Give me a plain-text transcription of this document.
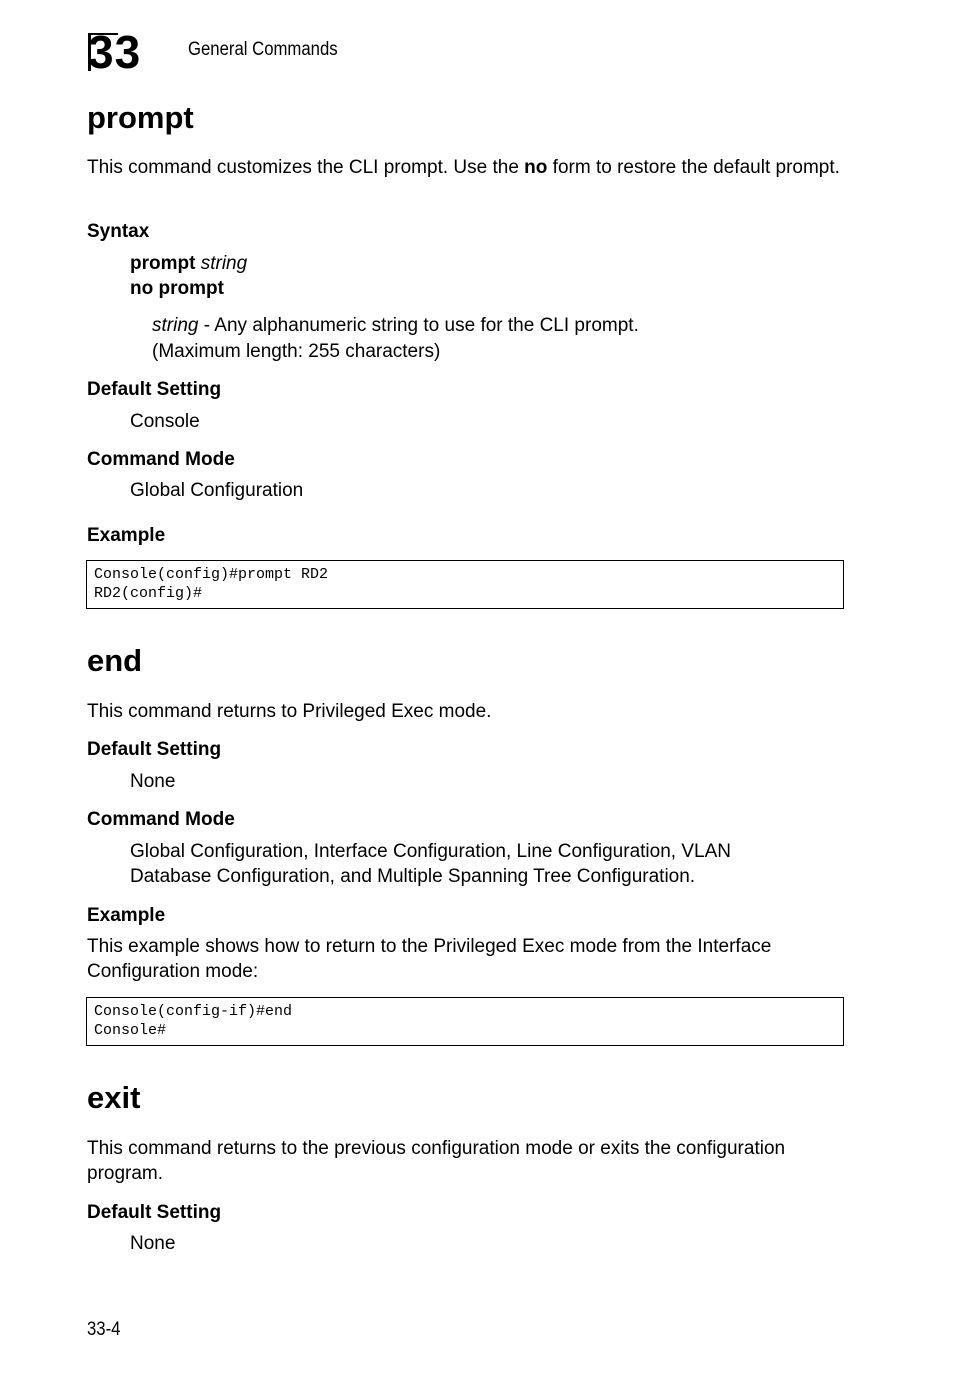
33 General Commands
prompt
This command customizes the CLI prompt. Use the no form to restore the default prompt.
Syntax
prompt string
no prompt
string - Any alphanumeric string to use for the CLI prompt.
(Maximum length: 255 characters)
Default Setting
Console
Command Mode
Global Configuration
Example
Console(config)#prompt RD2
RD2(config)#
end
This command returns to Privileged Exec mode.
Default Setting
None
Command Mode
Global Configuration, Interface Configuration, Line Configuration, VLAN Database Configuration, and Multiple Spanning Tree Configuration.
Example
This example shows how to return to the Privileged Exec mode from the Interface Configuration mode:
Console(config-if)#end
Console#
exit
This command returns to the previous configuration mode or exits the configuration program.
Default Setting
None
33-4
